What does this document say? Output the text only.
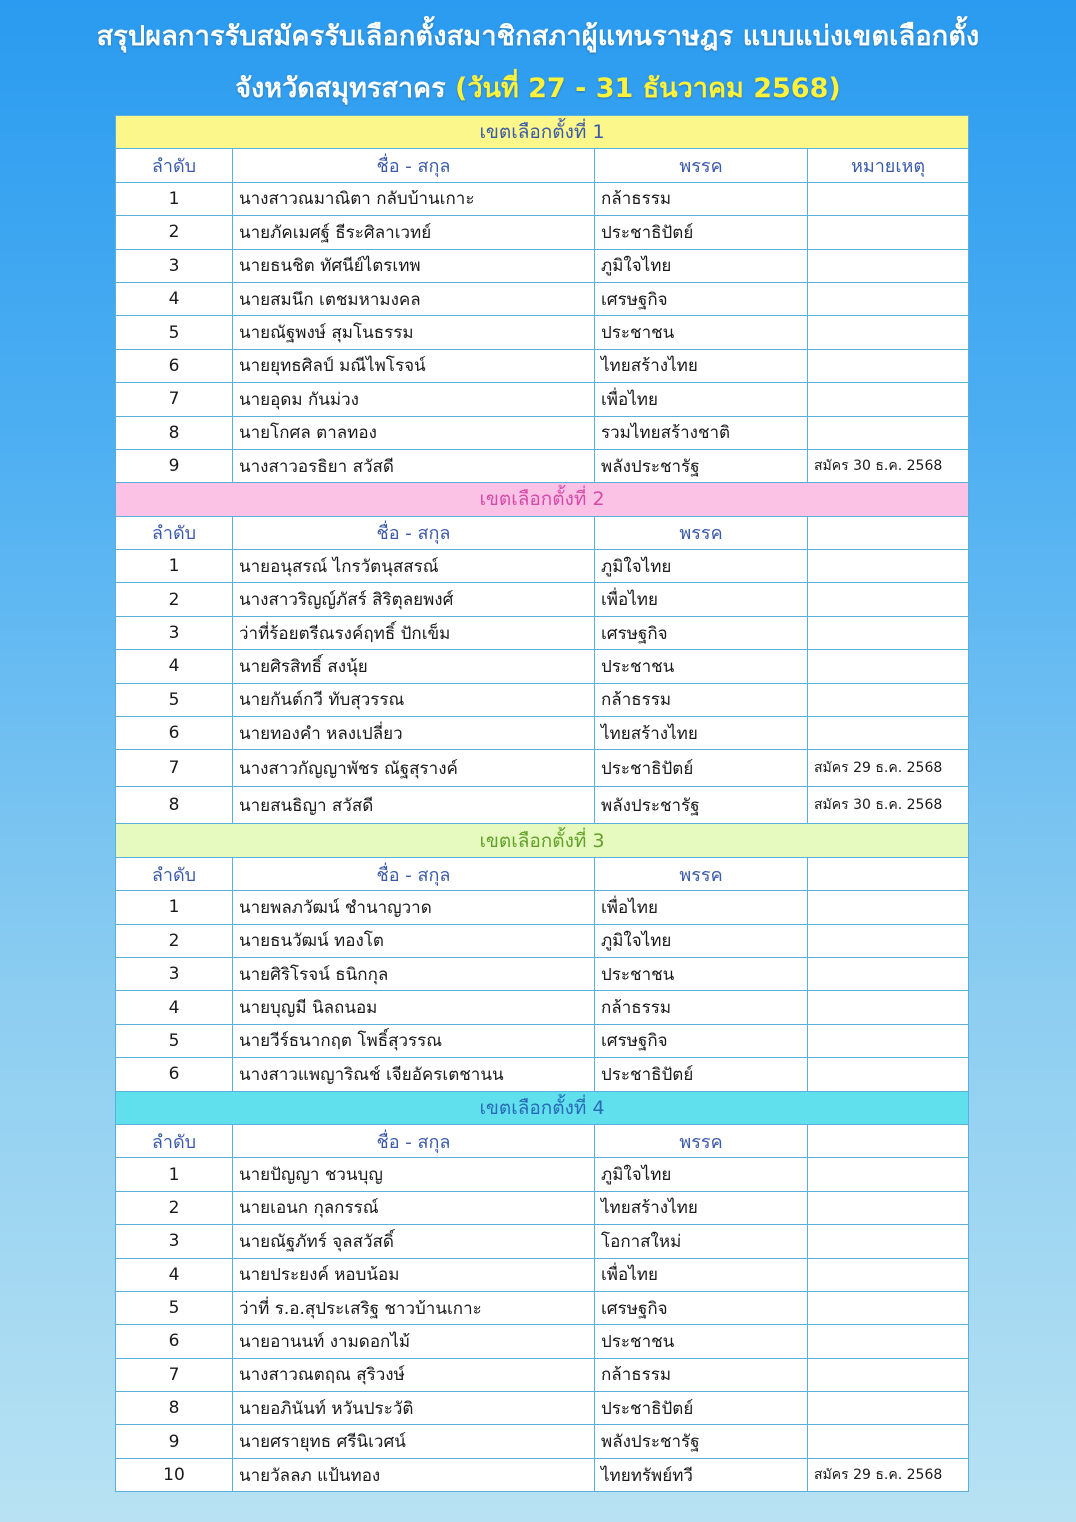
สรุปผลการรับสมัครรับเลือกตั้งสมาชิกสภาผู้แทนราษฎร แบบแบ่งเขตเลือกตั้ง
จังหวัดสมุทรสาคร (วันที่ 27 - 31 ธันวาคม 2568)
เขตเลือกตั้งที่ 1			
ลำดับ	ชื่อ - สกุล	พรรค	หมายเหตุ
1	นางสาวณมาณิตา กลับบ้านเกาะ	กล้าธรรม	
2	นายภัคเมศฐ์ ธีระศิลาเวทย์	ประชาธิปัตย์	
3	นายธนชิต ทัศนีย์ไตรเทพ	ภูมิใจไทย	
4	นายสมนึก เตชมหามงคล	เศรษฐกิจ	
5	นายณัฐพงษ์ สุมโนธรรม	ประชาชน	
6	นายยุทธศิลป์ มณีไพโรจน์	ไทยสร้างไทย	
7	นายอุดม กันม่วง	เพื่อไทย	
8	นายโกศล ตาลทอง	รวมไทยสร้างชาติ	
9	นางสาวอรธิยา สวัสดี	พลังประชารัฐ	สมัคร 30 ธ.ค. 2568
เขตเลือกตั้งที่ 2			
ลำดับ	ชื่อ - สกุล	พรรค	
1	นายอนุสรณ์ ไกรวัตนุสสรณ์	ภูมิใจไทย	
2	นางสาวริญญ์ภัสร์ สิริตุลยพงศ์	เพื่อไทย	
3	ว่าที่ร้อยตรีณรงค์ฤทธิ์ ปักเข็ม	เศรษฐกิจ	
4	นายศิรสิทธิ์ สงนุ้ย	ประชาชน	
5	นายกันต์กวี ทับสุวรรณ	กล้าธรรม	
6	นายทองคำ หลงเปลี่ยว	ไทยสร้างไทย	
7	นางสาวกัญญาพัชร ณัฐสุรางค์	ประชาธิปัตย์	สมัคร 29 ธ.ค. 2568
8	นายสนธิญา สวัสดี	พลังประชารัฐ	สมัคร 30 ธ.ค. 2568
เขตเลือกตั้งที่ 3			
ลำดับ	ชื่อ - สกุล	พรรค	
1	นายพลภวัฒน์ ชำนาญวาด	เพื่อไทย	
2	นายธนวัฒน์ ทองโต	ภูมิใจไทย	
3	นายศิริโรจน์ ธนิกกุล	ประชาชน	
4	นายบุญมี นิลถนอม	กล้าธรรม	
5	นายวีร์ธนากฤต โพธิ์สุวรรณ	เศรษฐกิจ	
6	นางสาวแพญาริณช์ เจียอัครเตชานน	ประชาธิปัตย์	
เขตเลือกตั้งที่ 4			
ลำดับ	ชื่อ - สกุล	พรรค	
1	นายปัญญา ชวนบุญ	ภูมิใจไทย	
2	นายเอนก กุลกรรณ์	ไทยสร้างไทย	
3	นายณัฐภัทร์ จุลสวัสดิ์	โอกาสใหม่	
4	นายประยงค์ หอบน้อม	เพื่อไทย	
5	ว่าที่ ร.อ.สุประเสริฐ ชาวบ้านเกาะ	เศรษฐกิจ	
6	นายอานนท์ งามดอกไม้	ประชาชน	
7	นางสาวณตฤณ สุริวงษ์	กล้าธรรม	
8	นายอภินันท์ หวันประวัติ	ประชาธิปัตย์	
9	นายศรายุทธ ศรีนิเวศน์	พลังประชารัฐ	
10	นายวัลลภ แป้นทอง	ไทยทรัพย์ทวี	สมัคร 29 ธ.ค. 2568
